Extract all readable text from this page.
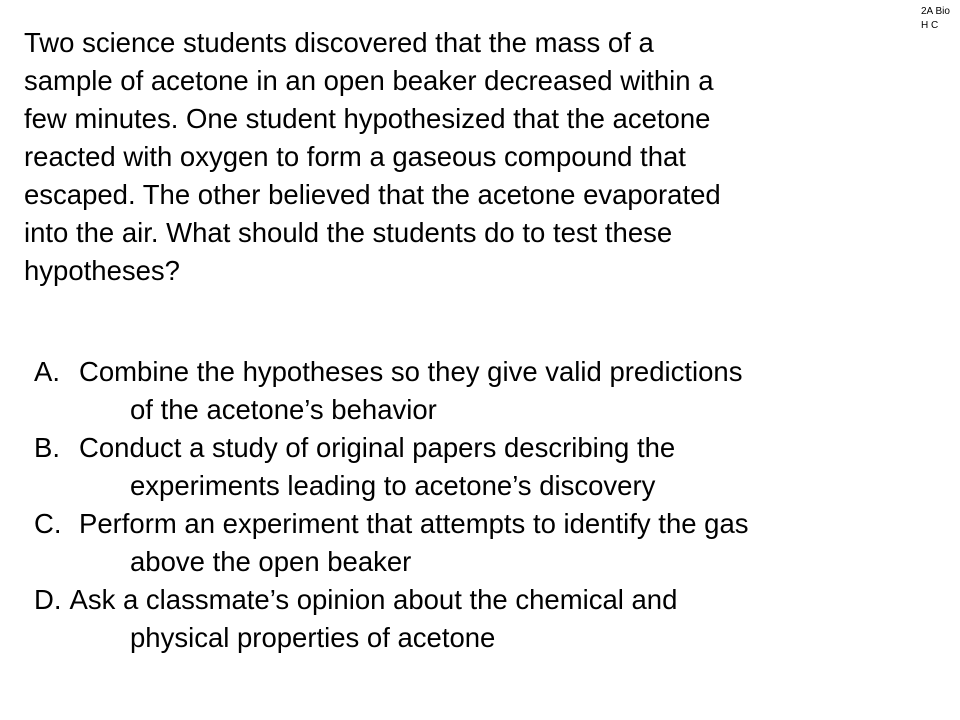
2A Bio
H C

Two science students discovered that the mass of a
sample of acetone in an open beaker decreased within a
few minutes. One student hypothesized that the acetone
reacted with oxygen to form a gaseous compound that
escaped. The other believed that the acetone evaporated
into the air. What should the students do to test these
hypotheses?

A. Combine the hypotheses so they give valid predictions
of the acetone’s behavior
B. Conduct a study of original papers describing the
experiments leading to acetone’s discovery
C. Perform an experiment that attempts to identify the gas
above the open beaker
D. Ask a classmate’s opinion about the chemical and
physical properties of acetone
